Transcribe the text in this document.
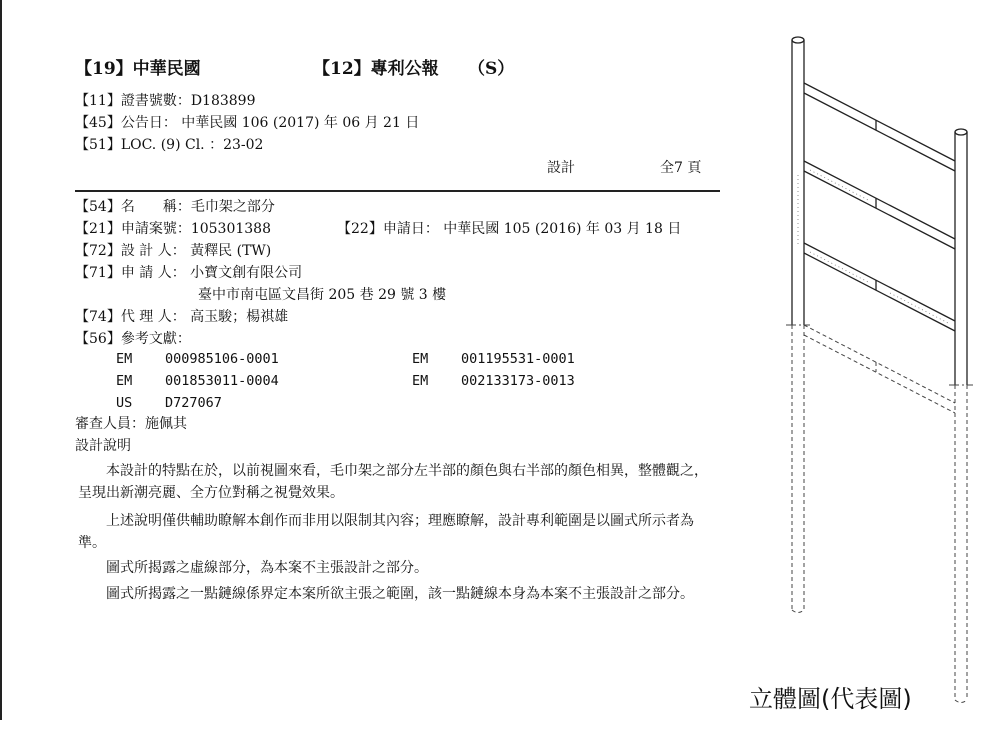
【19】中華民國	【12】專利公報 （S）
【11】證書號數：D183899
【45】公告日： 中華民國 106 (2017) 年 06 月 21 日
【51】LOC. (9) Cl. ：23-02
設計	全7 頁
【54】名　　稱：毛巾架之部分
【21】申請案號：105301388	【22】申請日： 中華民國 105 (2016) 年 03 月 18 日
【72】設 計 人： 黃釋民 (TW)
【71】申 請 人： 小寶文創有限公司
臺中市南屯區文昌街 205 巷 29 號 3 樓
【74】代 理 人： 高玉駿；楊祺雄
【56】參考文獻：
EM 000985106-0001	EM 001195531-0001
EM 001853011-0004	EM 002133173-0013
US D727067
審查人員：施佩其
設計說明
本設計的特點在於，以前視圖來看，毛巾架之部分左半部的顏色與右半部的顏色相異，整體觀之，呈現出新潮亮麗、全方位對稱之視覺效果。
上述說明僅供輔助瞭解本創作而非用以限制其內容；理應瞭解，設計專利範圍是以圖式所示者為準。
圖式所揭露之虛線部分，為本案不主張設計之部分。
圖式所揭露之一點鏈線係界定本案所欲主張之範圍，該一點鏈線本身為本案不主張設計之部分。
立體圖(代表圖)
